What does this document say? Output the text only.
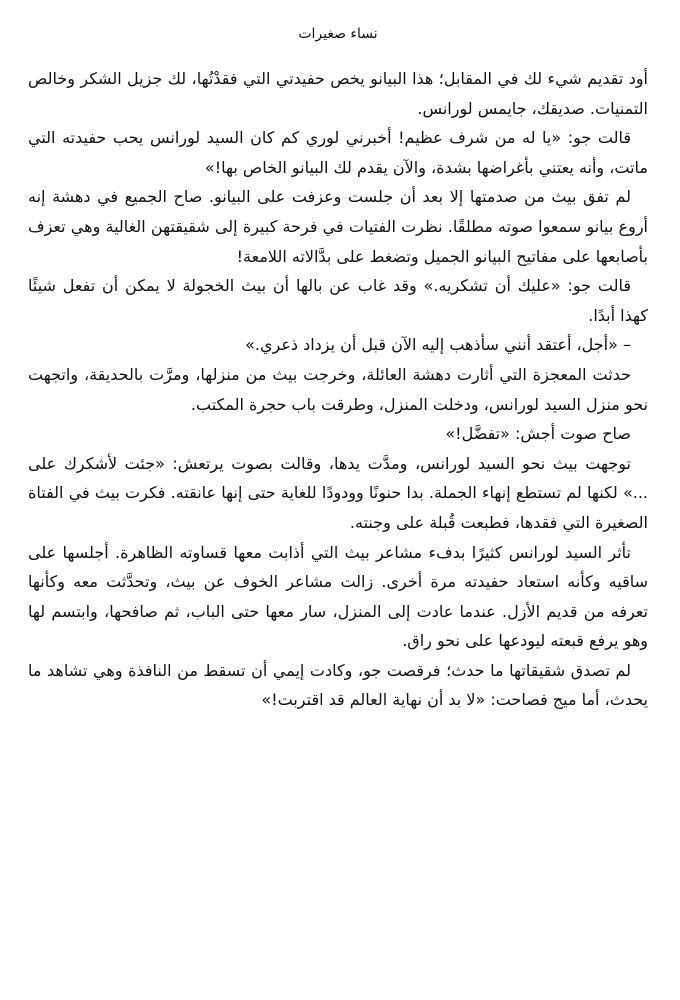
نساء صغيرات

أود تقديم شيء لك في المقابل؛ هذا البيانو يخص حفيدتي التي فقدْتُها، لك جزيل الشكر وخالص التمنيات. صديقك، جايمس لورانس.

قالت جو: «يا له من شرف عظيم! أخبرني لوري كم كان السيد لورانس يحب حفيدته التي ماتت، وأنه يعتني بأغراضها بشدة، والآن يقدم لك البيانو الخاص بها!»

لم تفق بيث من صدمتها إلا بعد أن جلست وعزفت على البيانو. صاح الجميع في دهشة إنه أروع بيانو سمعوا صوته مطلقًا. نظرت الفتيات في فرحة كبيرة إلى شقيقتهن الغالية وهي تعزف بأصابعها على مفاتيح البيانو الجميل وتضغط على بدَّالاته اللامعة!

قالت جو: «عليك أن تشكريه.» وقد غاب عن بالها أن بيث الخجولة لا يمكن أن تفعل شيئًا كهذا أبدًا.

– «أجل، أعتقد أنني سأذهب إليه الآن قبل أن يزداد ذعري.»

حدثت المعجزة التي أثارت دهشة العائلة، وخرجت بيث من منزلها، ومرَّت بالحديقة، واتجهت نحو منزل السيد لورانس، ودخلت المنزل، وطرقت باب حجرة المكتب.

صاح صوت أجش: «تفضَّل!»

توجهت بيث نحو السيد لورانس، ومدَّت يدها، وقالت بصوت يرتعش: «جئت لأشكرك على ...» لكنها لم تستطع إنهاء الجملة. بدا حنونًا وودودًا للغاية حتى إنها عانقته. فكرت بيث في الفتاة الصغيرة التي فقدها، فطبعت قُبلة على وجنته.

تأثر السيد لورانس كثيرًا بدفء مشاعر بيث التي أذابت معها قساوته الظاهرة. أجلسها على ساقيه وكأنه استعاد حفيدته مرة أخرى. زالت مشاعر الخوف عن بيث، وتحدَّثت معه وكأنها تعرفه من قديم الأزل. عندما عادت إلى المنزل، سار معها حتى الباب، ثم صافحها، وابتسم لها وهو يرفع قبعته ليودعها على نحو راق.

لم تصدق شقيقاتها ما حدث؛ فرقصت جو، وكادت إيمي أن تسقط من النافذة وهي تشاهد ما يحدث، أما ميج فصاحت: «لا بد أن نهاية العالم قد اقتربت!»
